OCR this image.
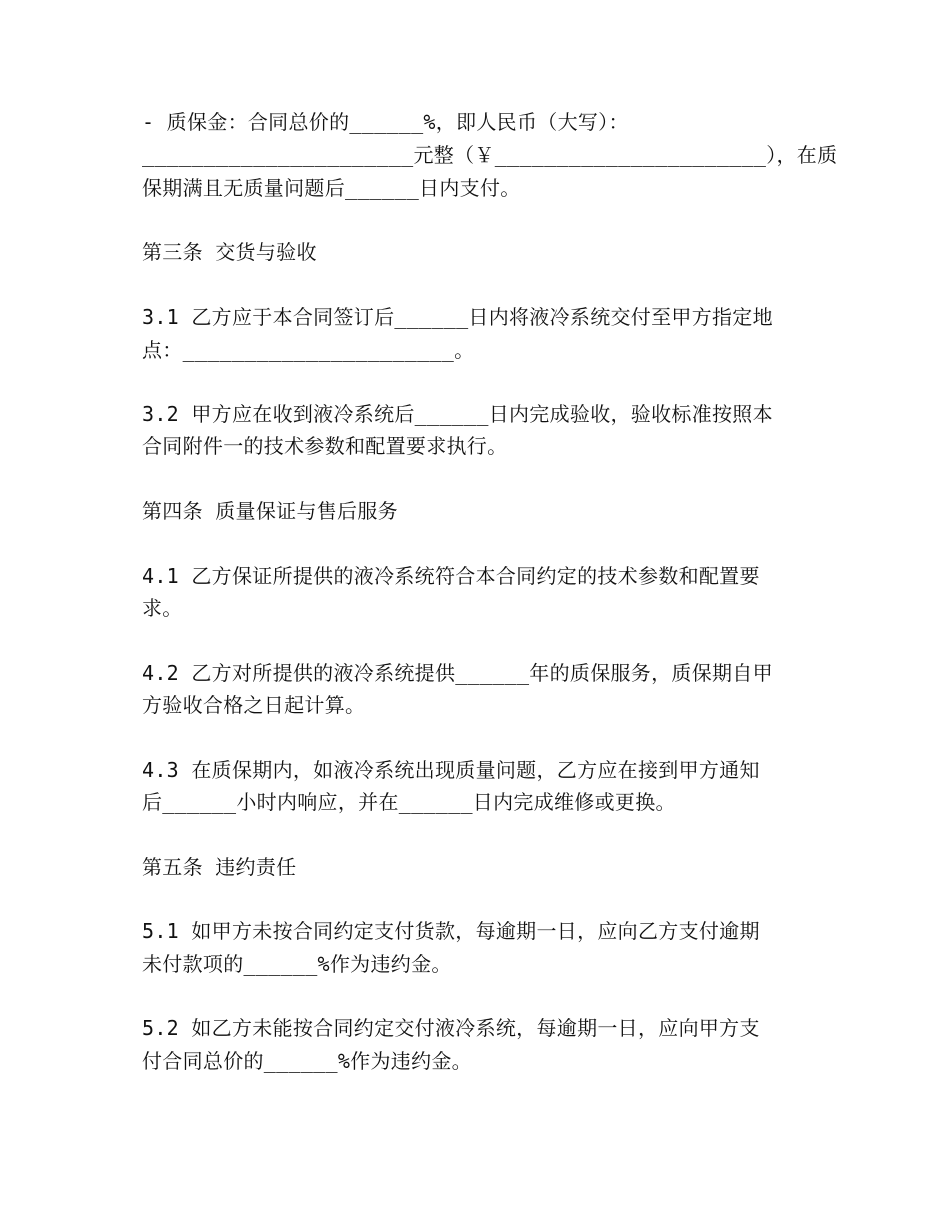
- 质保金：合同总价的______%，即人民币（大写）：
______________________元整（￥______________________），在质
保期满且无质量问题后______日内支付。
第三条 交货与验收
3.1 乙方应于本合同签订后______日内将液冷系统交付至甲方指定地
点：______________________。
3.2 甲方应在收到液冷系统后______日内完成验收，验收标准按照本
合同附件一的技术参数和配置要求执行。
第四条 质量保证与售后服务
4.1 乙方保证所提供的液冷系统符合本合同约定的技术参数和配置要
求。
4.2 乙方对所提供的液冷系统提供______年的质保服务，质保期自甲
方验收合格之日起计算。
4.3 在质保期内，如液冷系统出现质量问题，乙方应在接到甲方通知
后______小时内响应，并在______日内完成维修或更换。
第五条 违约责任
5.1 如甲方未按合同约定支付货款，每逾期一日，应向乙方支付逾期
未付款项的______%作为违约金。
5.2 如乙方未能按合同约定交付液冷系统，每逾期一日，应向甲方支
付合同总价的______%作为违约金。
